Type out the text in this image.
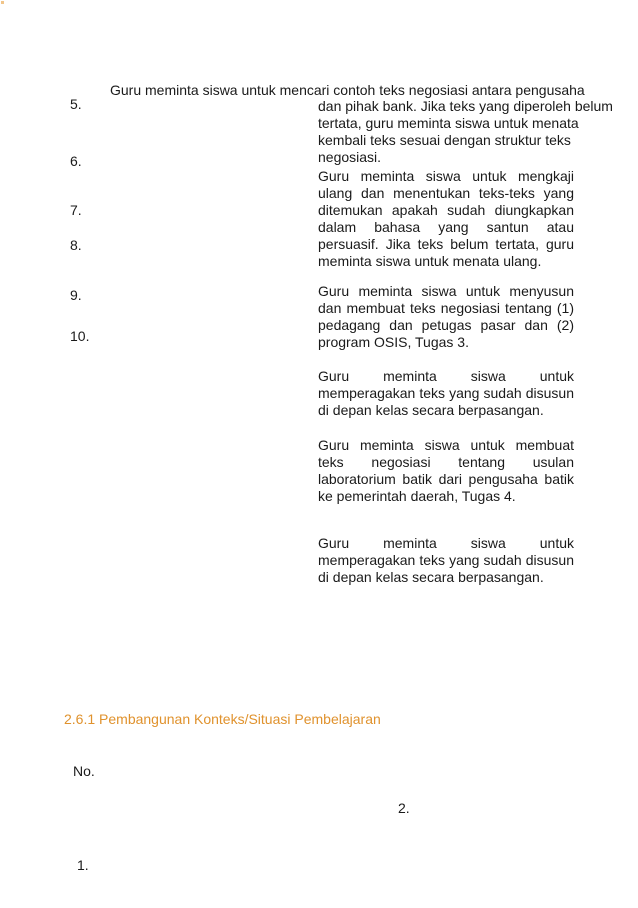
Guru meminta siswa untuk mencari contoh teks negosiasi antara pengusaha
5.
6.
7.
8.
9.
10.
dan pihak bank. Jika teks yang diperoleh belum tertata, guru meminta siswa untuk menata kembali teks sesuai dengan struktur teks negosiasi.
Guru meminta siswa untuk mengkaji ulang dan menentukan teks-teks yang ditemukan apakah sudah diungkapkan dalam bahasa yang santun atau persuasif. Jika teks belum tertata, guru meminta siswa untuk menata ulang.
Guru meminta siswa untuk menyusun dan membuat teks negosiasi tentang (1) pedagang dan petugas pasar dan (2) program OSIS, Tugas 3.
Guru meminta siswa untuk memperagakan teks yang sudah disusun di depan kelas secara berpasangan.
Guru meminta siswa untuk membuat teks negosiasi tentang usulan laboratorium batik dari pengusaha batik ke pemerintah daerah, Tugas 4.
Guru meminta siswa untuk memperagakan teks yang sudah disusun di depan kelas secara berpasangan.
2.6.1 Pembangunan Konteks/Situasi Pembelajaran
No.
2.
1.
